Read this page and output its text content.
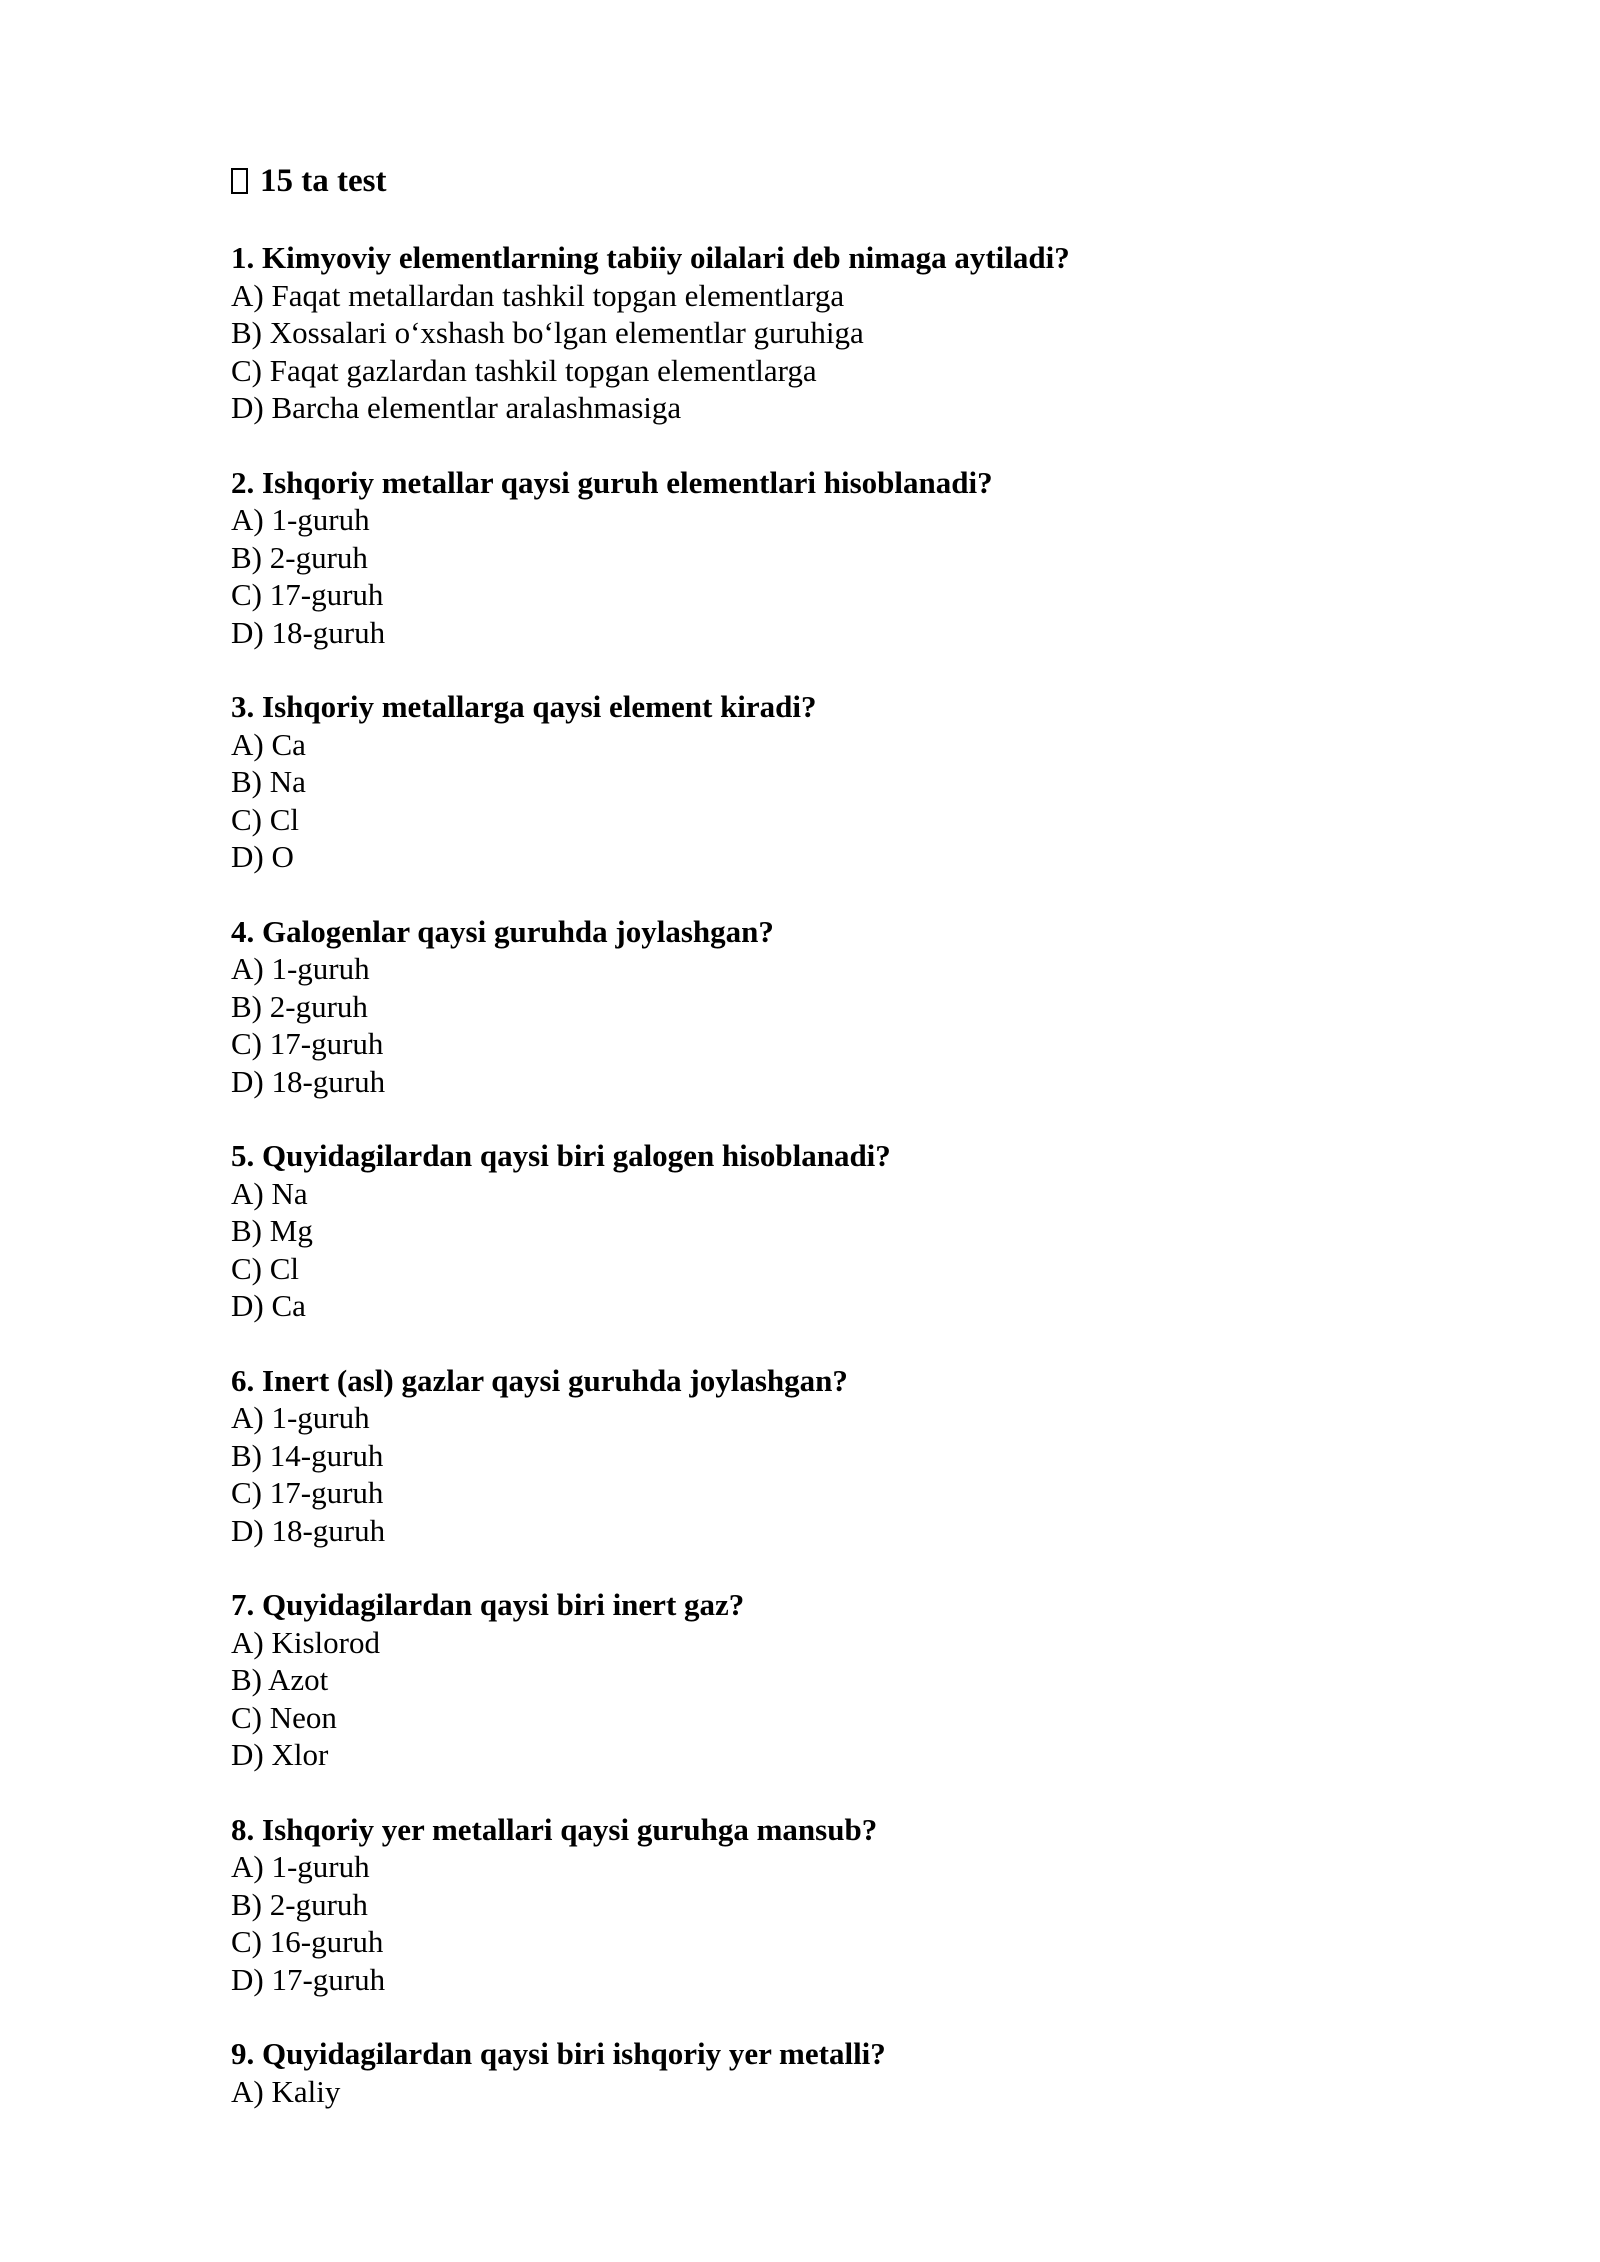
15 ta test

1. Kimyoviy elementlarning tabiiy oilalari deb nimaga aytiladi?

A) Faqat metallardan tashkil topgan elementlarga
B) Xossalari o‘xshash bo‘lgan elementlar guruhiga
C) Faqat gazlardan tashkil topgan elementlarga
D) Barcha elementlar aralashmasiga

2. Ishqoriy metallar qaysi guruh elementlari hisoblanadi?

A) 1-guruh
B) 2-guruh
C) 17-guruh
D) 18-guruh

3. Ishqoriy metallarga qaysi element kiradi?

A) Ca
B) Na
C) Cl
D) O

4. Galogenlar qaysi guruhda joylashgan?

A) 1-guruh
B) 2-guruh
C) 17-guruh
D) 18-guruh

5. Quyidagilardan qaysi biri galogen hisoblanadi?

A) Na
B) Mg
C) Cl
D) Ca

6. Inert (asl) gazlar qaysi guruhda joylashgan?

A) 1-guruh
B) 14-guruh
C) 17-guruh
D) 18-guruh

7. Quyidagilardan qaysi biri inert gaz?

A) Kislorod
B) Azot
C) Neon
D) Xlor

8. Ishqoriy yer metallari qaysi guruhga mansub?

A) 1-guruh
B) 2-guruh
C) 16-guruh
D) 17-guruh

9. Quyidagilardan qaysi biri ishqoriy yer metalli?

A) Kaliy
